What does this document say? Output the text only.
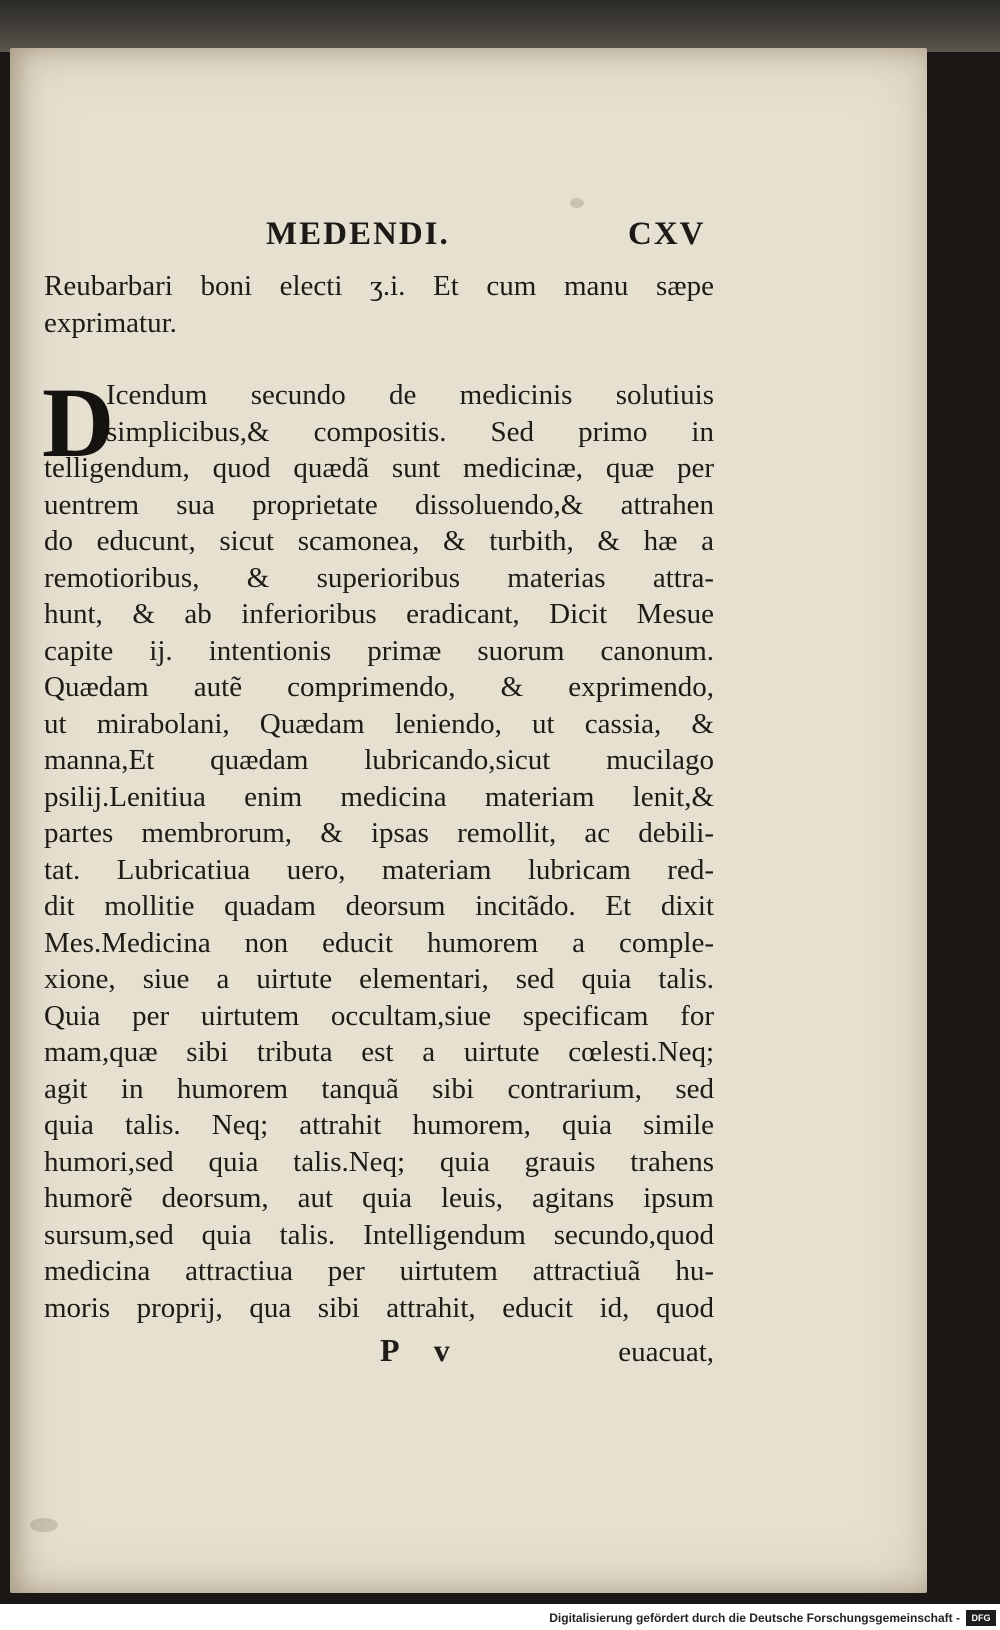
MEDENDI.	CXV
Reubarbari boni electi ʒ.i. Et cum manu sæpe
exprimatur.
D
Icendum secundo de medicinis solutiuis
simplicibus,& compositis. Sed primo in
telligendum, quod quædã sunt medicinæ, quæ per
uentrem sua proprietate dissoluendo,& attrahen
do educunt, sicut scamonea, & turbith, & hæ a
remotioribus, & superioribus materias attra-
hunt, & ab inferioribus eradicant, Dicit Mesue
capite ij. intentionis primæ suorum canonum.
Quædam autẽ comprimendo, & exprimendo,
ut mirabolani, Quædam leniendo, ut cassia, &
manna,Et quædam lubricando,sicut mucilago
psilij.Lenitiua enim medicina materiam lenit,&
partes membrorum, & ipsas remollit, ac debili-
tat. Lubricatiua uero, materiam lubricam red-
dit mollitie quadam deorsum incitãdo. Et dixit
Mes.Medicina non educit humorem a comple-
xione, siue a uirtute elementari, sed quia talis.
Quia per uirtutem occultam,siue specificam for
mam,quæ sibi tributa est a uirtute cœlesti.Neq;
agit in humorem tanquã sibi contrarium, sed
quia talis. Neq; attrahit humorem, quia simile
humori,sed quia talis.Neq; quia grauis trahens
humorẽ deorsum, aut quia leuis, agitans ipsum
sursum,sed quia talis. Intelligendum secundo,quod
medicina attractiua per uirtutem attractiuã hu-
moris proprij, qua sibi attrahit, educit id, quod
P v	euacuat,
Digitalisierung gefördert durch die Deutsche Forschungsgemeinschaft -	DFG
